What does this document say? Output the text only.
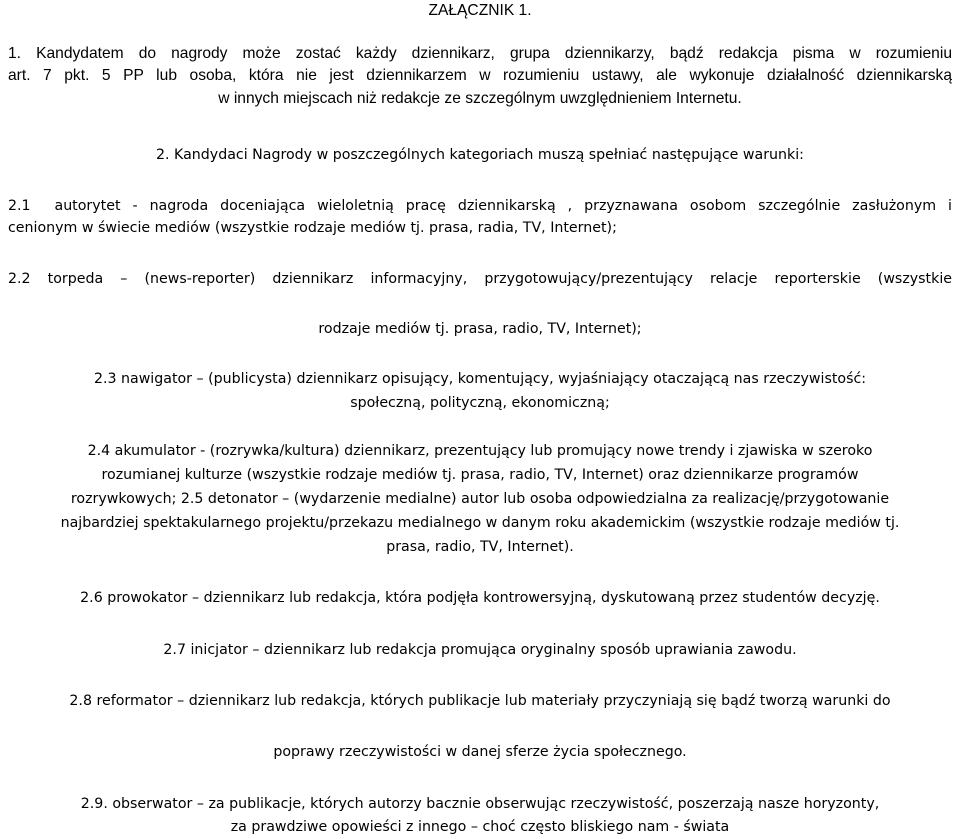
ZAŁĄCZNIK 1.

1. Kandydatem do nagrody może zostać każdy dziennikarz, grupa dziennikarzy, bądź redakcja pisma w rozumieniu

art. 7 pkt. 5 PP lub osoba, która nie jest dziennikarzem w rozumieniu ustawy, ale wykonuje działalność dziennikarską

w innych miejscach niż redakcje ze szczególnym uwzględnieniem Internetu.

2. Kandydaci Nagrody w poszczególnych kategoriach muszą spełniać następujące warunki:

2.1  autorytet - nagroda doceniająca wieloletnią pracę dziennikarską , przyznawana osobom szczególnie zasłużonym i

cenionym w świecie mediów (wszystkie rodzaje mediów tj. prasa, radia, TV, Internet);

2.2 torpeda – (news-reporter) dziennikarz informacyjny, przygotowujący/prezentujący relacje reporterskie (wszystkie

rodzaje mediów tj. prasa, radio, TV, Internet);

2.3 nawigator – (publicysta) dziennikarz opisujący, komentujący, wyjaśniający otaczającą nas rzeczywistość:

społeczną, polityczną, ekonomiczną;

2.4 akumulator - (rozrywka/kultura) dziennikarz, prezentujący lub promujący nowe trendy i zjawiska w szeroko

rozumianej kulturze (wszystkie rodzaje mediów tj. prasa, radio, TV, Internet) oraz dziennikarze programów

rozrywkowych; 2.5 detonator – (wydarzenie medialne) autor lub osoba odpowiedzialna za realizację/przygotowanie

najbardziej spektakularnego projektu/przekazu medialnego w danym roku akademickim (wszystkie rodzaje mediów tj.

prasa, radio, TV, Internet).

2.6 prowokator – dziennikarz lub redakcja, która podjęła kontrowersyjną, dyskutowaną przez studentów decyzję.

2.7 inicjator – dziennikarz lub redakcja promująca oryginalny sposób uprawiania zawodu.

2.8 reformator – dziennikarz lub redakcja, których publikacje lub materiały przyczyniają się bądź tworzą warunki do

poprawy rzeczywistości w danej sferze życia społecznego.

2.9. obserwator – za publikacje, których autorzy bacznie obserwując rzeczywistość, poszerzają nasze horyzonty,

za prawdziwe opowieści z innego – choć często bliskiego nam - świata
